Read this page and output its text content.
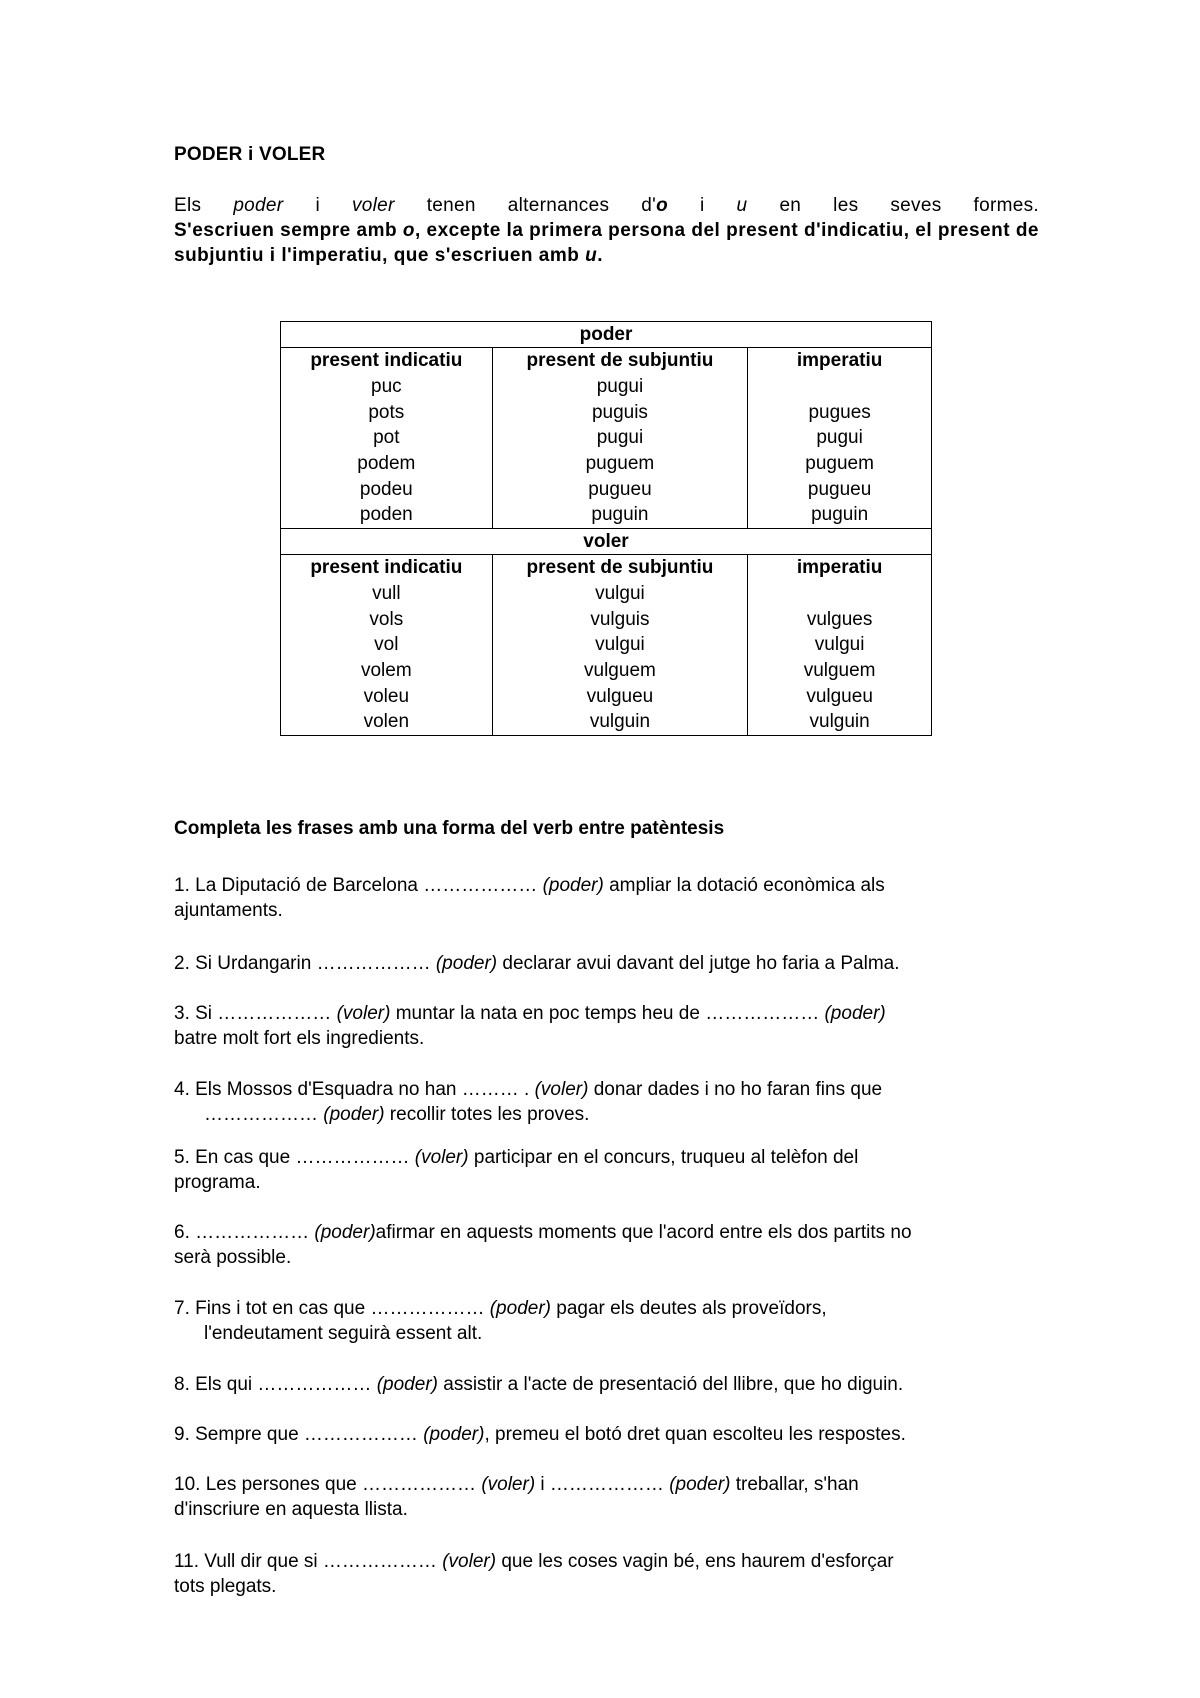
PODER i VOLER
Els poder i voler tenen alternances d'o i u en les seves formes.
S'escriuen sempre amb o, excepte la primera persona del present d'indicatiu, el present de subjuntiu i l'imperatiu, que s'escriuen amb u.
poder		
present indicatiu	present de subjuntiu	imperatiu
puc	pugui	
pots	puguis	pugues
pot	pugui	pugui
podem	puguem	puguem
podeu	pugueu	pugueu
poden	puguin	puguin
voler		
present indicatiu	present de subjuntiu	imperatiu
vull	vulgui	
vols	vulguis	vulgues
vol	vulgui	vulgui
volem	vulguem	vulguem
voleu	vulgueu	vulgueu
volen	vulguin	vulguin
Completa les frases amb una forma del verb entre patèntesis
1. La Diputació de Barcelona ……………… (poder) ampliar la dotació econòmica als
ajuntaments.
2. Si Urdangarin ……………… (poder) declarar avui davant del jutge ho faria a Palma.
3. Si ……………… (voler) muntar la nata en poc temps heu de ……………… (poder)
batre molt fort els ingredients.
4. Els Mossos d'Esquadra no han ……… . (voler) donar dades i no ho faran fins que
……………… (poder) recollir totes les proves.
5. En cas que ……………… (voler) participar en el concurs, truqueu al telèfon del
programa.
6. ……………… (poder)afirmar en aquests moments que l'acord entre els dos partits no
serà possible.
7. Fins i tot en cas que ……………… (poder) pagar els deutes als proveïdors,
l'endeutament seguirà essent alt.
8. Els qui ……………… (poder) assistir a l'acte de presentació del llibre, que ho diguin.
9. Sempre que ……………… (poder), premeu el botó dret quan escolteu les respostes.
10. Les persones que ……………… (voler) i ……………… (poder) treballar, s'han
d'inscriure en aquesta llista.
11. Vull dir que si ……………… (voler) que les coses vagin bé, ens haurem d'esforçar
tots plegats.
